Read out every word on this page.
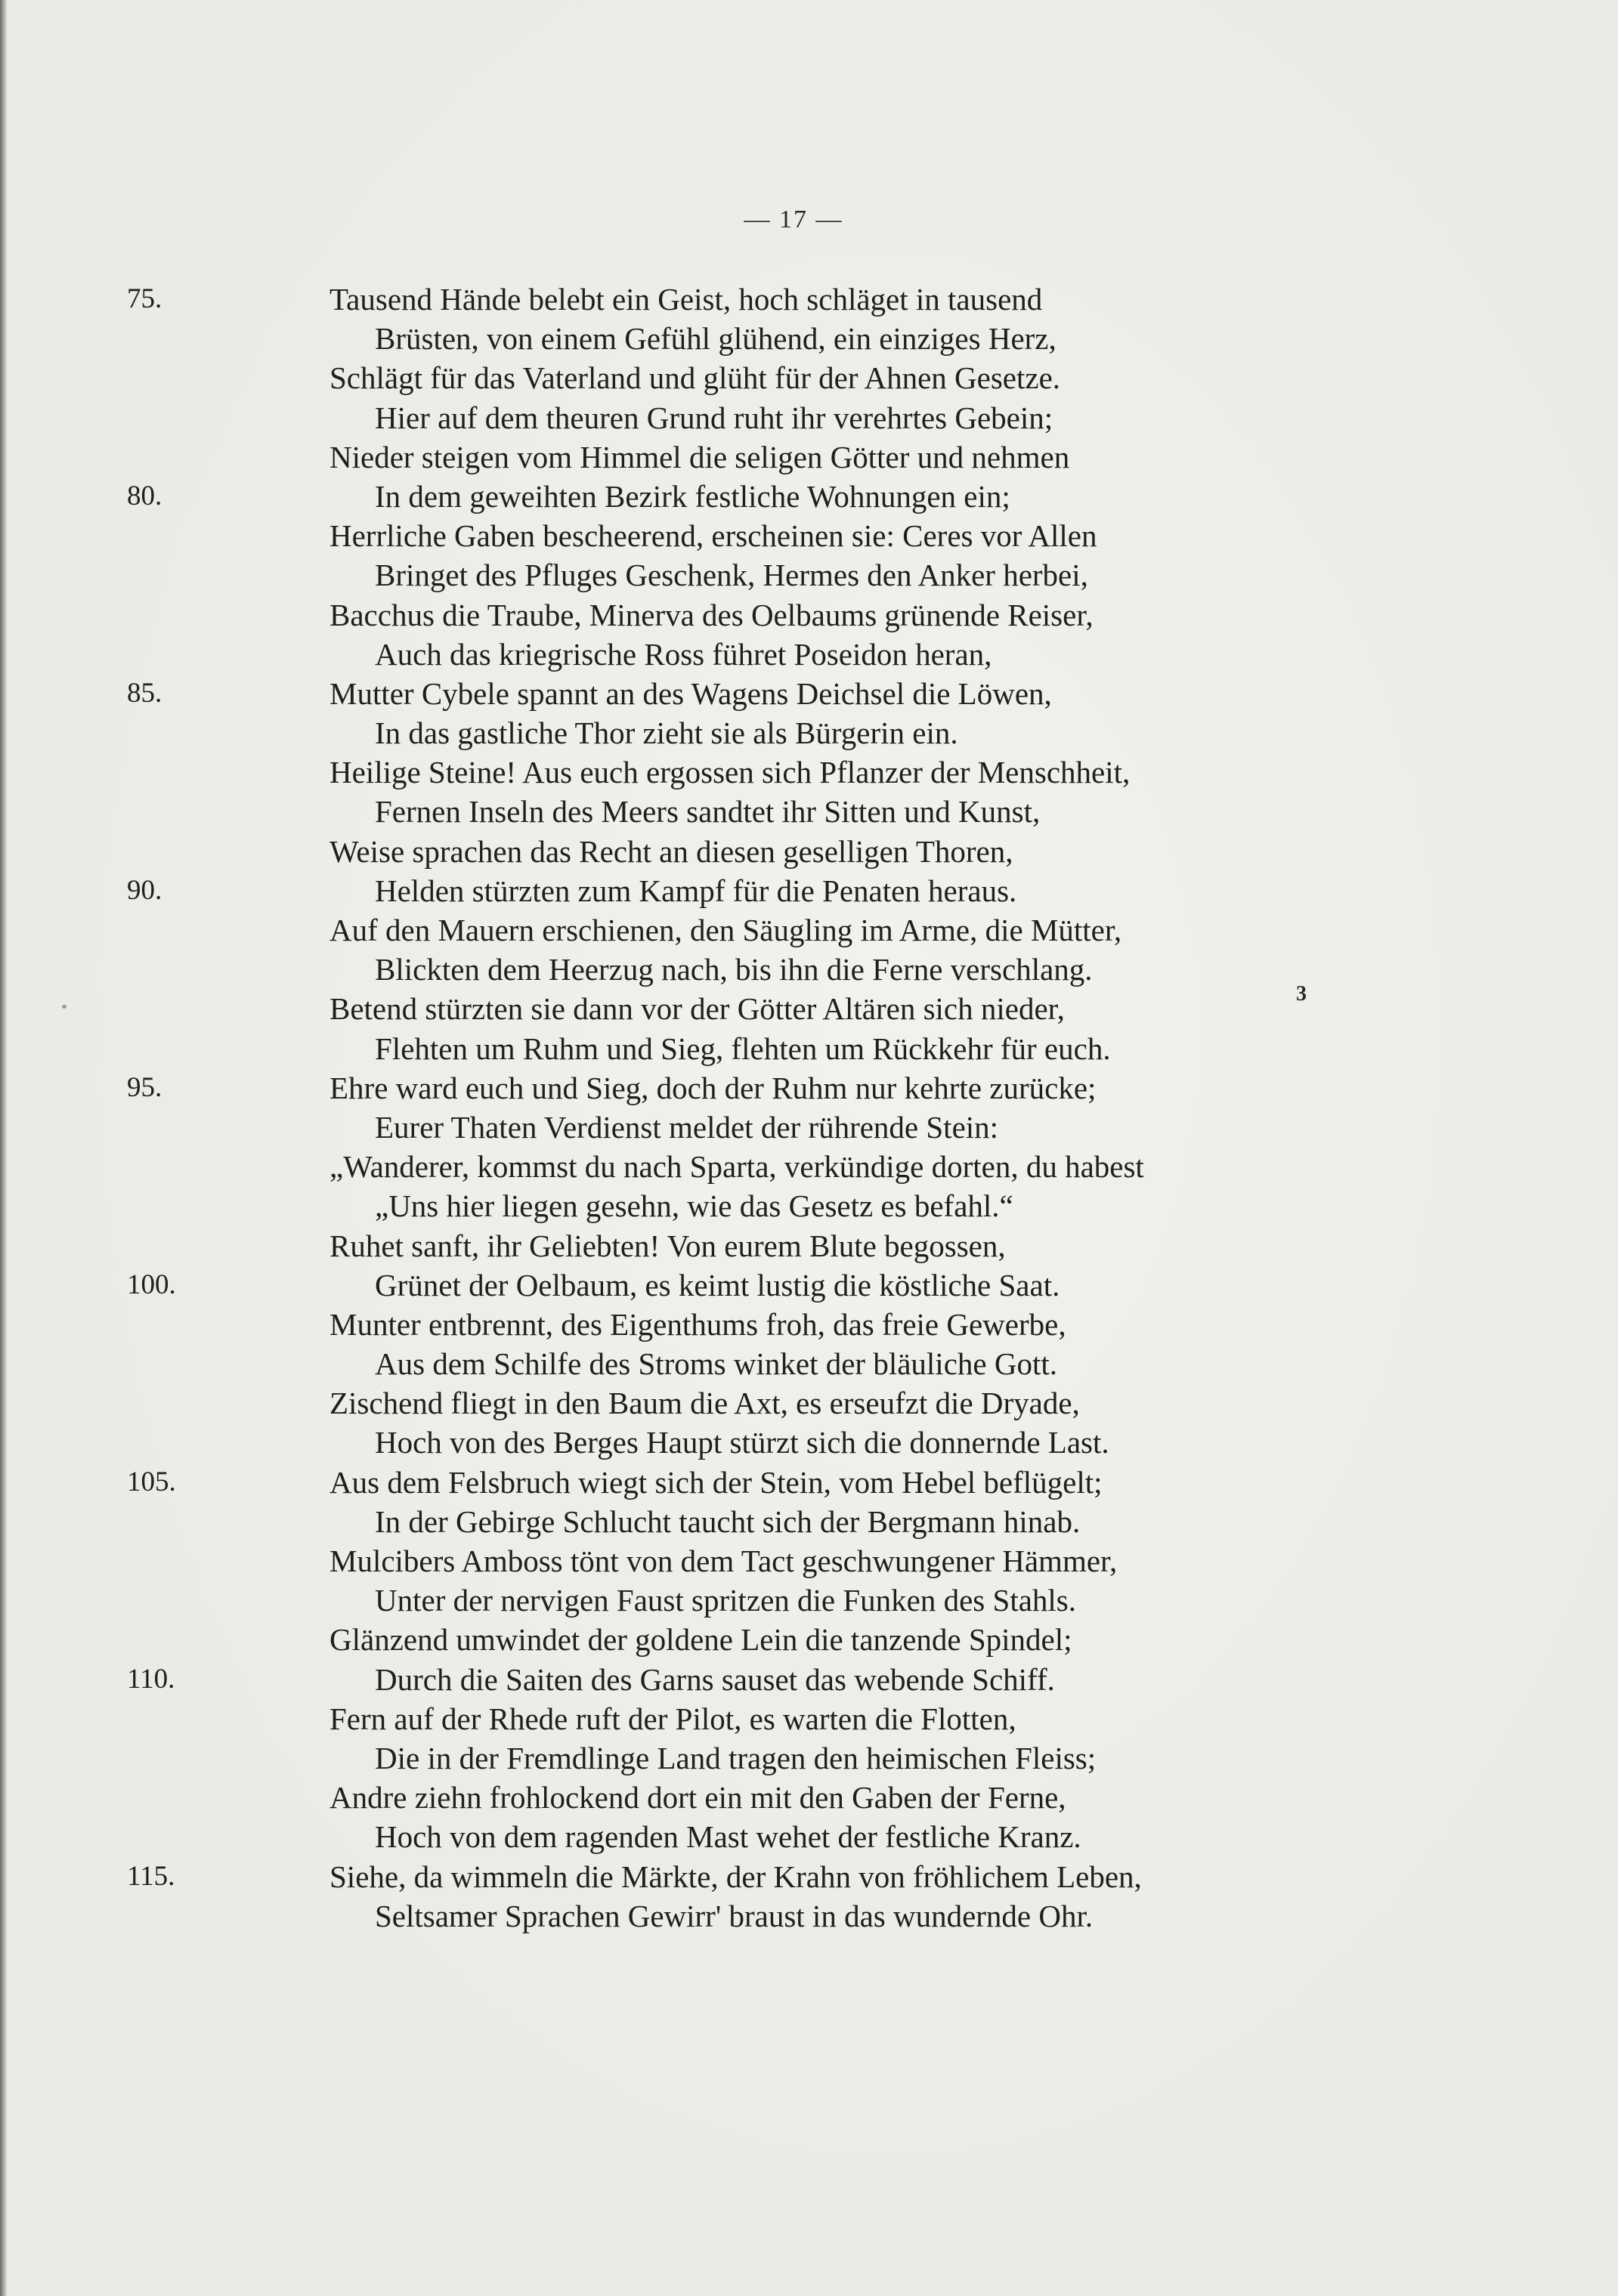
— 17 —
75.	Tausend Hände belebt ein Geist, hoch schläget in tausend
Brüsten, von einem Gefühl glühend, ein einziges Herz,
Schlägt für das Vaterland und glüht für der Ahnen Gesetze.
Hier auf dem theuren Grund ruht ihr verehrtes Gebein;
Nieder steigen vom Himmel die seligen Götter und nehmen
80.	In dem geweihten Bezirk festliche Wohnungen ein;
Herrliche Gaben bescheerend, erscheinen sie: Ceres vor Allen
Bringet des Pfluges Geschenk, Hermes den Anker herbei,
Bacchus die Traube, Minerva des Oelbaums grünende Reiser,
Auch das kriegrische Ross führet Poseidon heran,
85.	Mutter Cybele spannt an des Wagens Deichsel die Löwen,
In das gastliche Thor zieht sie als Bürgerin ein.
Heilige Steine! Aus euch ergossen sich Pflanzer der Menschheit,
Fernen Inseln des Meers sandtet ihr Sitten und Kunst,
Weise sprachen das Recht an diesen geselligen Thoren,
90.	Helden stürzten zum Kampf für die Penaten heraus.
Auf den Mauern erschienen, den Säugling im Arme, die Mütter,
Blickten dem Heerzug nach, bis ihn die Ferne verschlang.
Betend stürzten sie dann vor der Götter Altären sich nieder,
Flehten um Ruhm und Sieg, flehten um Rückkehr für euch.
95.	Ehre ward euch und Sieg, doch der Ruhm nur kehrte zurücke;
Eurer Thaten Verdienst meldet der rührende Stein:
„Wanderer, kommst du nach Sparta, verkündige dorten, du habest
„Uns hier liegen gesehn, wie das Gesetz es befahl.“
Ruhet sanft, ihr Geliebten! Von eurem Blute begossen,
100.	Grünet der Oelbaum, es keimt lustig die köstliche Saat.
Munter entbrennt, des Eigenthums froh, das freie Gewerbe,
Aus dem Schilfe des Stroms winket der bläuliche Gott.
Zischend fliegt in den Baum die Axt, es erseufzt die Dryade,
Hoch von des Berges Haupt stürzt sich die donnernde Last.
105.	Aus dem Felsbruch wiegt sich der Stein, vom Hebel beflügelt;
In der Gebirge Schlucht taucht sich der Bergmann hinab.
Mulcibers Amboss tönt von dem Tact geschwungener Hämmer,
Unter der nervigen Faust spritzen die Funken des Stahls.
Glänzend umwindet der goldene Lein die tanzende Spindel;
110.	Durch die Saiten des Garns sauset das webende Schiff.
Fern auf der Rhede ruft der Pilot, es warten die Flotten,
Die in der Fremdlinge Land tragen den heimischen Fleiss;
Andre ziehn frohlockend dort ein mit den Gaben der Ferne,
Hoch von dem ragenden Mast wehet der festliche Kranz.
115.	Siehe, da wimmeln die Märkte, der Krahn von fröhlichem Leben,
Seltsamer Sprachen Gewirr' braust in das wundernde Ohr.
3
